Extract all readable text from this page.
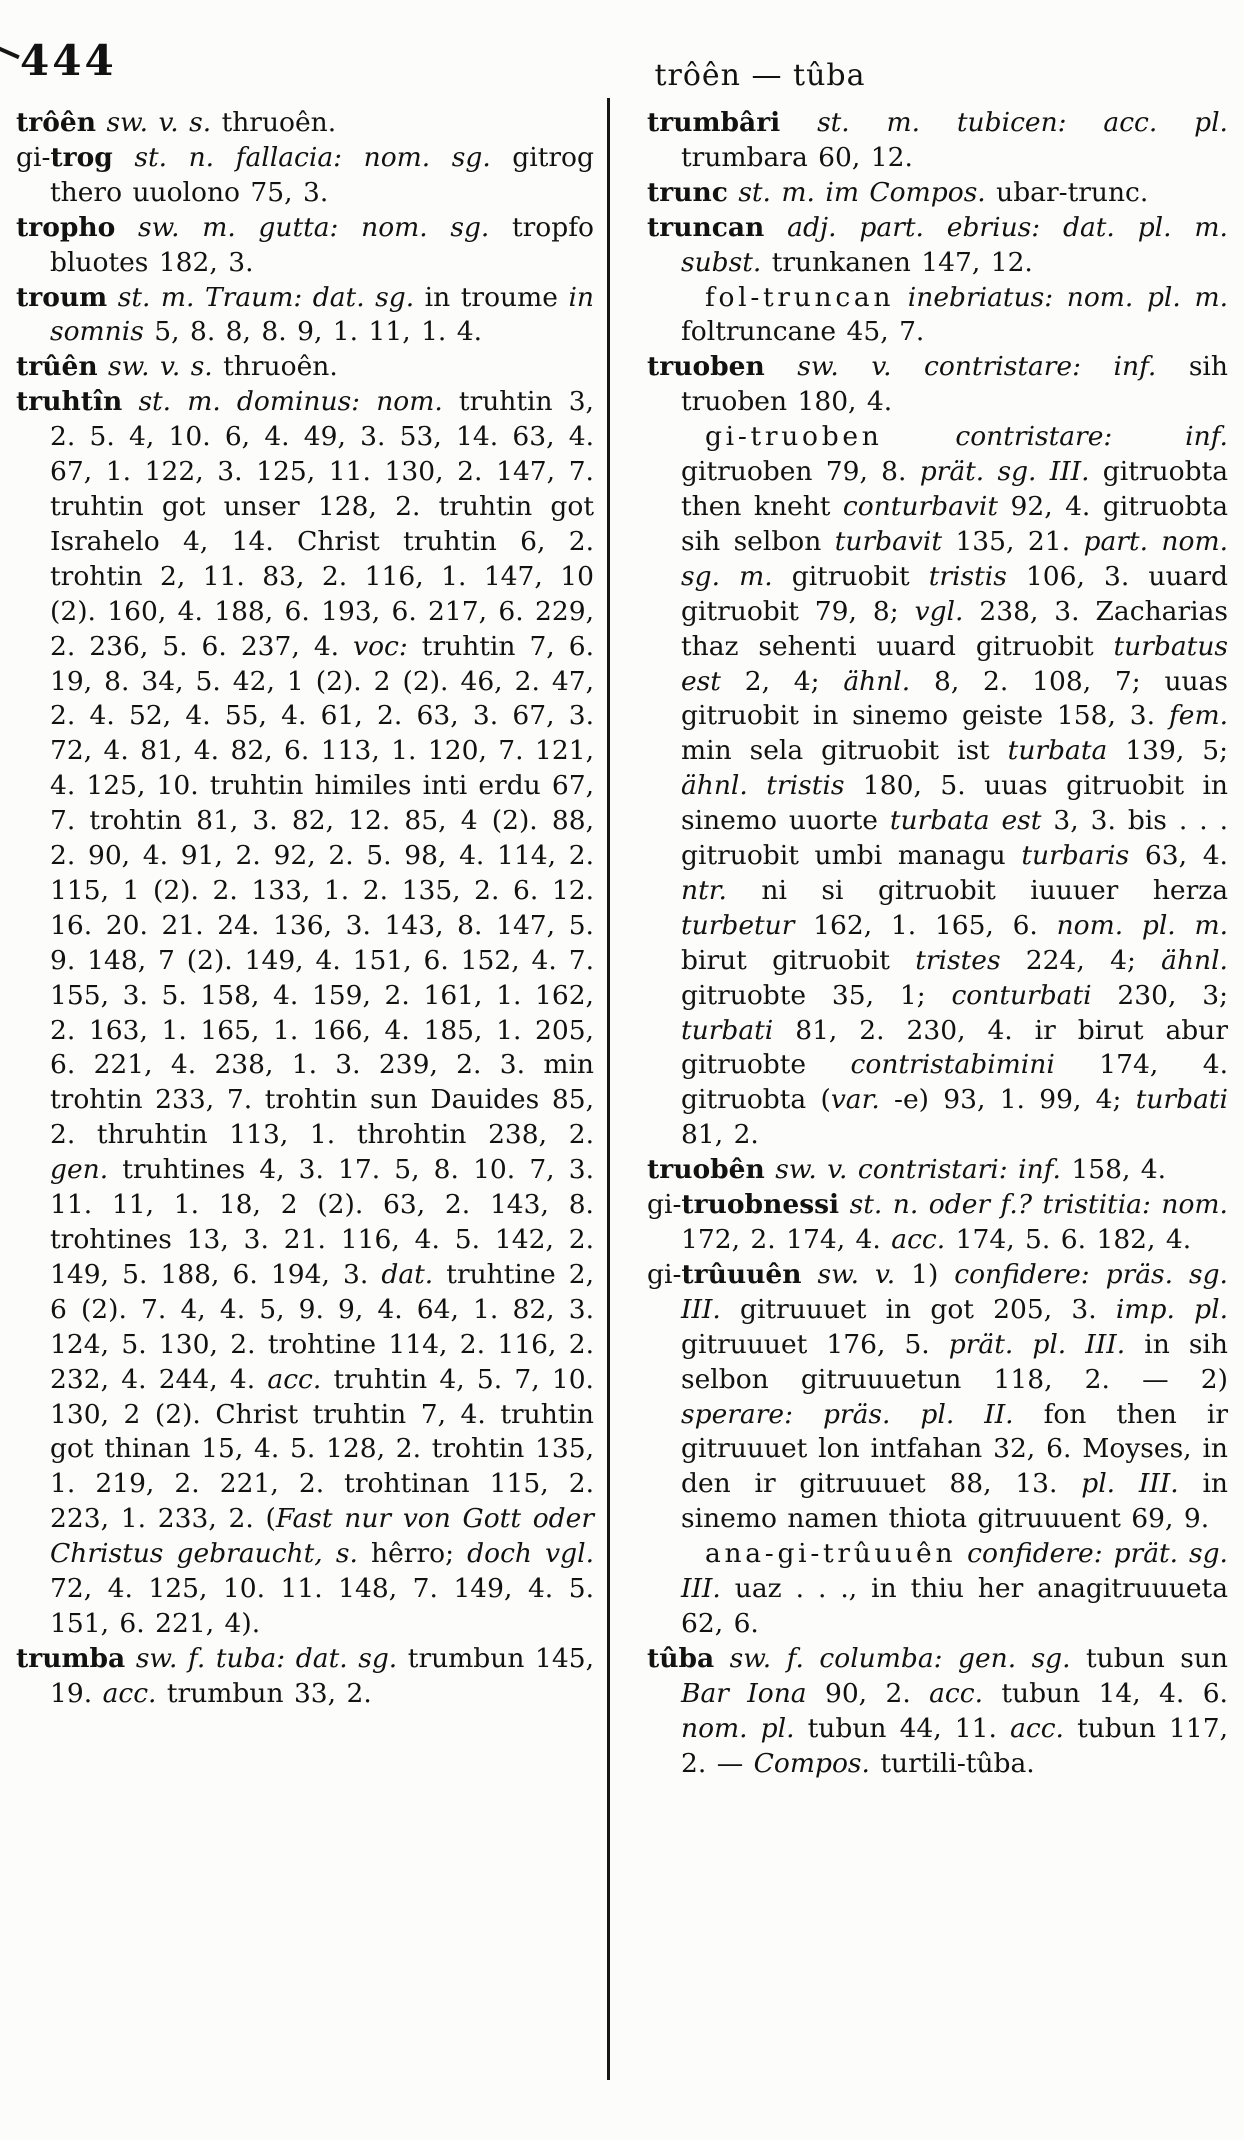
444	trôên — tûba

trôên sw. v. s. thruoên.

gi-trog st. n. fallacia: nom. sg. gitrog thero uuolono 75, 3.

tropho sw. m. gutta: nom. sg. tropfo bluotes 182, 3.

troum st. m. Traum: dat. sg. in troume in somnis 5, 8. 8, 8. 9, 1. 11, 1. 4.

trûên sw. v. s. thruoên.

truhtîn st. m. dominus: nom. truhtin 3, 2. 5. 4, 10. 6, 4. 49, 3. 53, 14. 63, 4. 67, 1. 122, 3. 125, 11. 130, 2. 147, 7. truhtin got unser 128, 2. truhtin got Israhelo 4, 14. Christ truhtin 6, 2. trohtin 2, 11. 83, 2. 116, 1. 147, 10 (2). 160, 4. 188, 6. 193, 6. 217, 6. 229, 2. 236, 5. 6. 237, 4. voc: truhtin 7, 6. 19, 8. 34, 5. 42, 1 (2). 2 (2). 46, 2. 47, 2. 4. 52, 4. 55, 4. 61, 2. 63, 3. 67, 3. 72, 4. 81, 4. 82, 6. 113, 1. 120, 7. 121, 4. 125, 10. truhtin himiles inti erdu 67, 7. trohtin 81, 3. 82, 12. 85, 4 (2). 88, 2. 90, 4. 91, 2. 92, 2. 5. 98, 4. 114, 2. 115, 1 (2). 2. 133, 1. 2. 135, 2. 6. 12. 16. 20. 21. 24. 136, 3. 143, 8. 147, 5. 9. 148, 7 (2). 149, 4. 151, 6. 152, 4. 7. 155, 3. 5. 158, 4. 159, 2. 161, 1. 162, 2. 163, 1. 165, 1. 166, 4. 185, 1. 205, 6. 221, 4. 238, 1. 3. 239, 2. 3. min trohtin 233, 7. trohtin sun Dauides 85, 2. thruhtin 113, 1. throhtin 238, 2. gen. truhtines 4, 3. 17. 5, 8. 10. 7, 3. 11. 11, 1. 18, 2 (2). 63, 2. 143, 8. trohtines 13, 3. 21. 116, 4. 5. 142, 2. 149, 5. 188, 6. 194, 3. dat. truhtine 2, 6 (2). 7. 4, 4. 5, 9. 9, 4. 64, 1. 82, 3. 124, 5. 130, 2. trohtine 114, 2. 116, 2. 232, 4. 244, 4. acc. truhtin 4, 5. 7, 10. 130, 2 (2). Christ truhtin 7, 4. truhtin got thinan 15, 4. 5. 128, 2. trohtin 135, 1. 219, 2. 221, 2. trohtinan 115, 2. 223, 1. 233, 2. (Fast nur von Gott oder Christus gebraucht, s. hêrro; doch vgl. 72, 4. 125, 10. 11. 148, 7. 149, 4. 5. 151, 6. 221, 4).

trumba sw. f. tuba: dat. sg. trumbun 145, 19. acc. trumbun 33, 2.

trumbâri st. m. tubicen: acc. pl. trumbara 60, 12.

trunc st. m. im Compos. ubar-trunc.

truncan adj. part. ebrius: dat. pl. m. subst. trunkanen 147, 12.

fol-truncan inebriatus: nom. pl. m. foltruncane 45, 7.

truoben sw. v. contristare: inf. sih truoben 180, 4.

gi-truoben	contristare: inf. gitruoben 79, 8. prät. sg. III. gitruobta then kneht conturbavit 92, 4. gitruobta sih selbon turbavit 135, 21. part. nom. sg. m. gitruobit tristis 106, 3. uuard gitruobit 79, 8; vgl. 238, 3. Zacharias thaz sehenti uuard gitruobit turbatus est 2, 4; ähnl. 8, 2. 108, 7; uuas gitruobit in sinemo geiste 158, 3. fem. min sela gitruobit ist turbata 139, 5; ähnl. tristis 180, 5. uuas gitruobit in sinemo uuorte turbata est 3, 3. bis . . . gitruobit umbi managu turbaris 63, 4. ntr. ni si gitruobit iuuuer herza turbetur 162, 1. 165, 6. nom. pl. m. birut gitruobit tristes 224, 4; ähnl. gitruobte 35, 1; conturbati 230, 3; turbati 81, 2. 230, 4. ir birut abur gitruobte contristabimini 174, 4. gitruobta (var. -e) 93, 1. 99, 4; turbati 81, 2.

truobên sw. v. contristari: inf. 158, 4.

gi-truobnessi st. n. oder f.? tristitia: nom. 172, 2. 174, 4. acc. 174, 5. 6. 182, 4.

gi-trûuuên sw. v. 1) confidere: präs. sg. III. gitruuuet in got 205, 3. imp. pl. gitruuuet 176, 5. prät. pl. III. in sih selbon gitruuuetun 118, 2. — 2) sperare: präs. pl. II. fon then ir gitruuuet lon intfahan 32, 6. Moyses, in den ir gitruuuet 88, 13. pl. III. in sinemo namen thiota gitruuuent 69, 9.

ana-gi-trûuuên confidere: prät. sg. III. uaz . . ., in thiu her anagitruuueta 62, 6.

tûba sw. f. columba: gen. sg. tubun sun Bar Iona 90, 2. acc. tubun 14, 4. 6. nom. pl. tubun 44, 11. acc. tubun 117, 2. — Compos. turtili-tûba.
